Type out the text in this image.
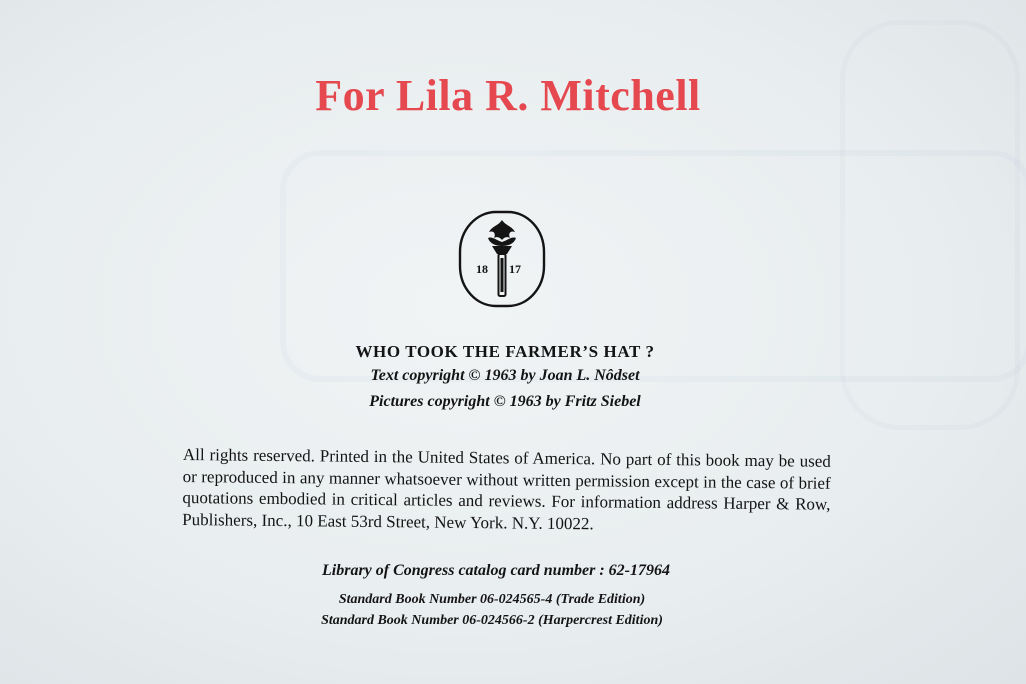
For Lila R. Mitchell
18 17
WHO TOOK THE FARMER’S HAT ?
Text copyright © 1963 by Joan L. Nôdset
Pictures copyright © 1963 by Fritz Siebel
All rights reserved. Printed in the United States of America. No part of this book may be used or reproduced in any manner whatsoever without written permission except in the case of brief quotations embodied in critical articles and reviews. For information address Harper & Row, Publishers, Inc., 10 East 53rd Street, New York. N.Y. 10022.
Library of Congress catalog card number : 62-17964
Standard Book Number 06-024565-4 (Trade Edition)
Standard Book Number 06-024566-2 (Harpercrest Edition)
